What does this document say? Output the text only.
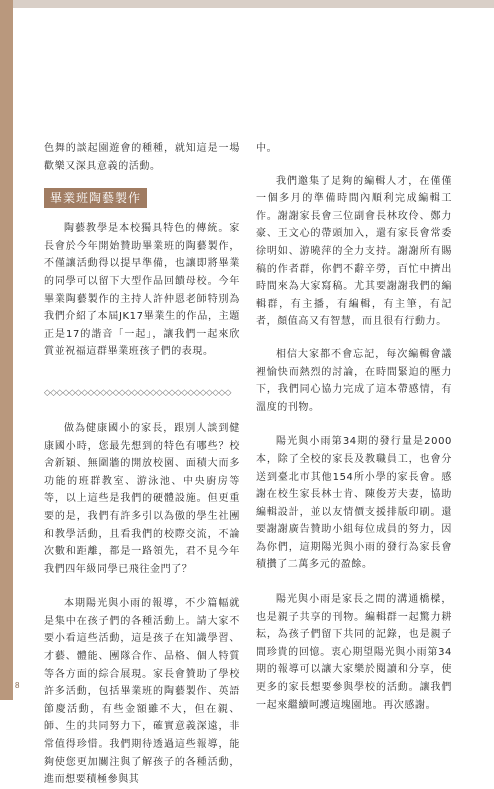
色舞的談起園遊會的種種，就知這是一場歡樂又深具意義的活動。

畢業班陶藝製作

陶藝教學是本校獨具特色的傳統。家長會於今年開始贊助畢業班的陶藝製作，不僅讓活動得以提早準備，也讓即將畢業的同學可以留下大型作品回饋母校。今年畢業陶藝製作的主持人許仲恩老師特別為我們介紹了本屆JK17畢業生的作品，主題正是17的諧音「一起」，讓我們一起來欣賞並祝福這群畢業班孩子們的表現。

◇◇◇◇◇◇◇◇◇◇◇◇◇◇◇◇◇◇◇◇◇◇◇◇◇◇◇◇◇◇

做為健康國小的家長，跟別人談到健康國小時，您最先想到的特色有哪些？校舍新穎、無圍牆的開放校園、面積大而多功能的班群教室、游泳池、中央廚房等等，以上這些是我們的硬體設施。但更重要的是，我們有許多引以為傲的學生社團和教學活動，且看我們的校際交流，不論次數和距離，都是一路領先，君不見今年我們四年級同學已飛往金門了？

本期陽光與小雨的報導，不少篇幅就是集中在孩子們的各種活動上。請大家不要小看這些活動，這是孩子在知識學習、才藝、體能、團隊合作、品格、個人特質等各方面的綜合展現。家長會贊助了學校許多活動，包括畢業班的陶藝製作、英語節慶活動，有些金額雖不大，但在親、師、生的共同努力下，確實意義深遠，非常值得珍惜。我們期待透過這些報導，能夠使您更加關注與了解孩子的各種活動，進而想要積極參與其

中。

我們邀集了足夠的編輯人才，在僅僅一個多月的準備時間內順利完成編輯工作。謝謝家長會三位副會長林玫伶、鄭力豪、王文心的帶頭加入，還有家長會常委徐明如、游曉萍的全力支持。謝謝所有賜稿的作者群，你們不辭辛勞，百忙中擠出時間來為大家寫稿。尤其要謝謝我們的編輯群，有主播，有編輯，有主筆，有記者，顏值高又有智慧，而且很有行動力。

相信大家都不會忘記，每次編輯會議裡愉快而熱烈的討論，在時間緊迫的壓力下，我們同心協力完成了這本帶感情，有溫度的刊物。

陽光與小雨第34期的發行量是2000本，除了全校的家長及教職員工，也會分送到臺北市其他154所小學的家長會。感謝在校生家長林士肯、陳俊芳夫妻，協助編輯設計，並以友情價支援排版印刷。還要謝謝廣告贊助小組每位成員的努力，因為你們，這期陽光與小雨的發行為家長會積攢了二萬多元的盈餘。

陽光與小雨是家長之間的溝通橋樑，也是親子共享的刊物。編輯群一起驚力耕耘，為孩子們留下共同的記錄，也是親子間珍貴的回憶。衷心期望陽光與小雨第34期的報導可以讓大家樂於閱讀和分享，使更多的家長想要參與學校的活動。讓我們一起來繼續呵護這塊園地。再次感謝。

8
